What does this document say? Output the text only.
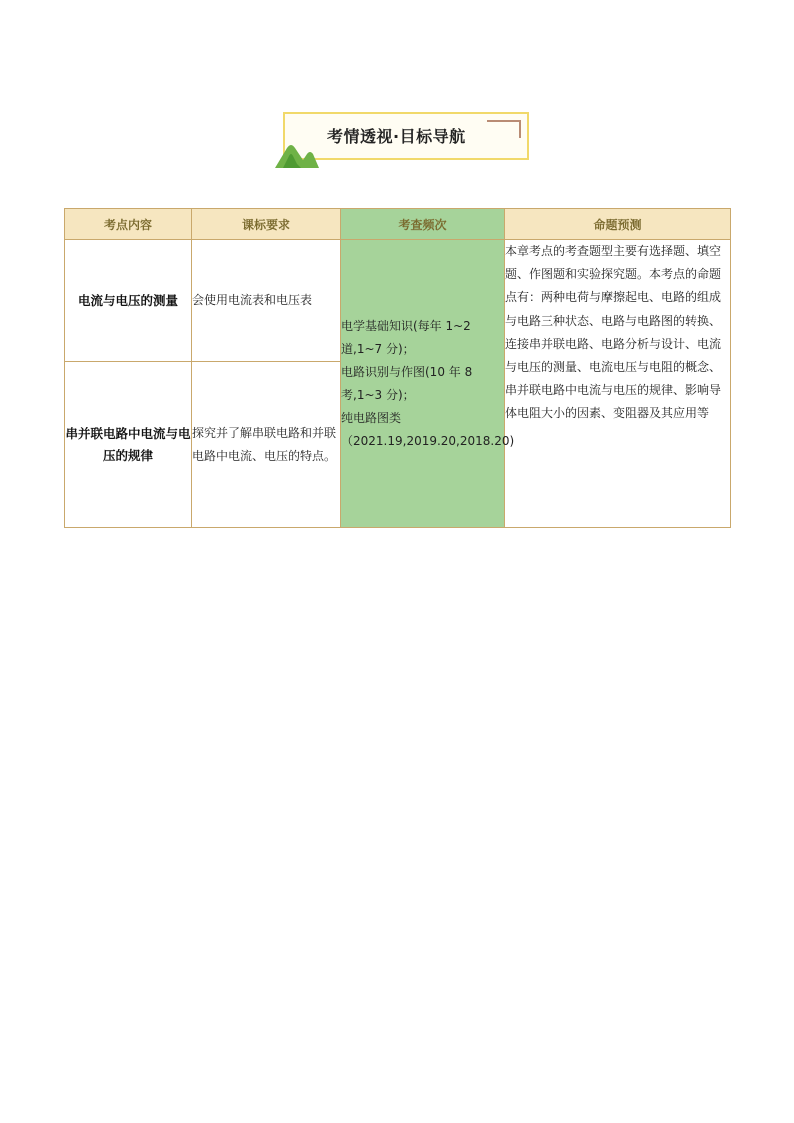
考情透视·目标导航
考点内容	课标要求	考查频次	命题预测
电流与电压的测量	会使用电流表和电压表	电学基础知识(每年 1~2 道,1~7 分)；
电路识别与作图(10 年 8 考,1~3 分)；
纯电路图类
（2021.19,2019.20,2018.20)	本章考点的考查题型主要有选择题、填空题、作图题和实验探究题。本考点的命题点有：两种电荷与摩擦起电、电路的组成与电路三种状态、电路与电路图的转换、连接串并联电路、电路分析与设计、电流与电压的测量、电流电压与电阻的概念、串并联电路中电流与电压的规律、影响导体电阻大小的因素、变阻器及其应用等
串并联电路中电流与电压的规律	探究并了解串联电路和并联电路中电流、电压的特点。		
